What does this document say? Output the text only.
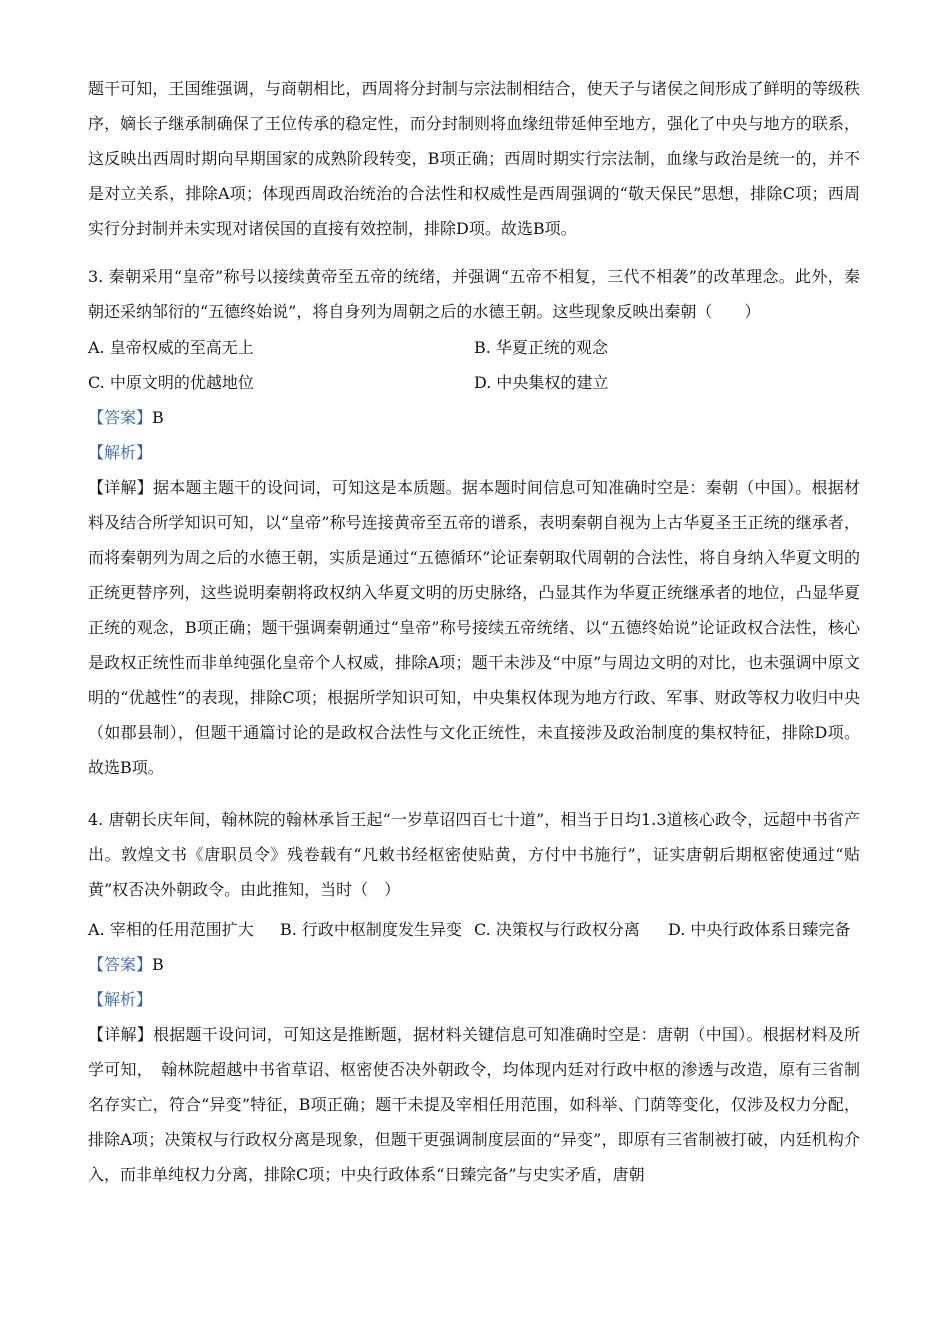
题干可知，王国维强调，与商朝相比，西周将分封制与宗法制相结合，使天子与诸侯之间形成了鲜明的等级秩序，嫡长子继承制确保了王位传承的稳定性，而分封制则将血缘纽带延伸至地方，强化了中央与地方的联系，这反映出西周时期向早期国家的成熟阶段转变，B项正确；西周时期实行宗法制，血缘与政治是统一的，并不是对立关系，排除A项；体现西周政治统治的合法性和权威性是西周强调的“敬天保民”思想，排除C项；西周实行分封制并未实现对诸侯国的直接有效控制，排除D项。故选B项。

3. 秦朝采用“皇帝”称号以接续黄帝至五帝的统绪，并强调“五帝不相复，三代不相袭”的改革理念。此外，秦朝还采纳邹衍的“五德终始说”，将自身列为周朝之后的水德王朝。这些现象反映出秦朝（　　）

A. 皇帝权威的至高无上	B. 华夏正统的观念
C. 中原文明的优越地位	D. 中央集权的建立
【答案】B
【解析】

【详解】据本题主题干的设问词，可知这是本质题。据本题时间信息可知准确时空是：秦朝（中国）。根据材料及结合所学知识可知，以“皇帝”称号连接黄帝至五帝的谱系，表明秦朝自视为上古华夏圣王正统的继承者，而将秦朝列为周之后的水德王朝，实质是通过“五德循环”论证秦朝取代周朝的合法性，将自身纳入华夏文明的正统更替序列，这些说明秦朝将政权纳入华夏文明的历史脉络，凸显其作为华夏正统继承者的地位，凸显华夏正统的观念，B项正确；题干强调秦朝通过“皇帝”称号接续五帝统绪、以“五德终始说”论证政权合法性，核心是政权正统性而非单纯强化皇帝个人权威，排除A项；题干未涉及“中原”与周边文明的对比，也未强调中原文明的“优越性”的表现，排除C项；根据所学知识可知，中央集权体现为地方行政、军事、财政等权力收归中央（如郡县制），但题干通篇讨论的是政权合法性与文化正统性，未直接涉及政治制度的集权特征，排除D项。故选B项。

4. 唐朝长庆年间，翰林院的翰林承旨王起“一岁草诏四百七十道”，相当于日均1.3道核心政令，远超中书省产出。敦煌文书《唐职员令》残卷载有“凡敕书经枢密使贴黄，方付中书施行”，证实唐朝后期枢密使通过“贴黄”权否决外朝政令。由此推知，当时（　）

A. 宰相的任用范围扩大 B. 行政中枢制度发生异变 C. 决策权与行政权分离 D. 中央行政体系日臻完备
【答案】B
【解析】

【详解】根据题干设问词，可知这是推断题，据材料关键信息可知准确时空是：唐朝（中国）。根据材料及所学可知，　翰林院超越中书省草诏、枢密使否决外朝政令，均体现内廷对行政中枢的渗透与改造，原有三省制名存实亡，符合“异变”特征，B项正确；题干未提及宰相任用范围，如科举、门荫等变化，仅涉及权力分配，排除A项；决策权与行政权分离是现象，但题干更强调制度层面的“异变”，即原有三省制被打破，内廷机构介入，而非单纯权力分离，排除C项；中央行政体系“日臻完备”与史实矛盾，唐朝
